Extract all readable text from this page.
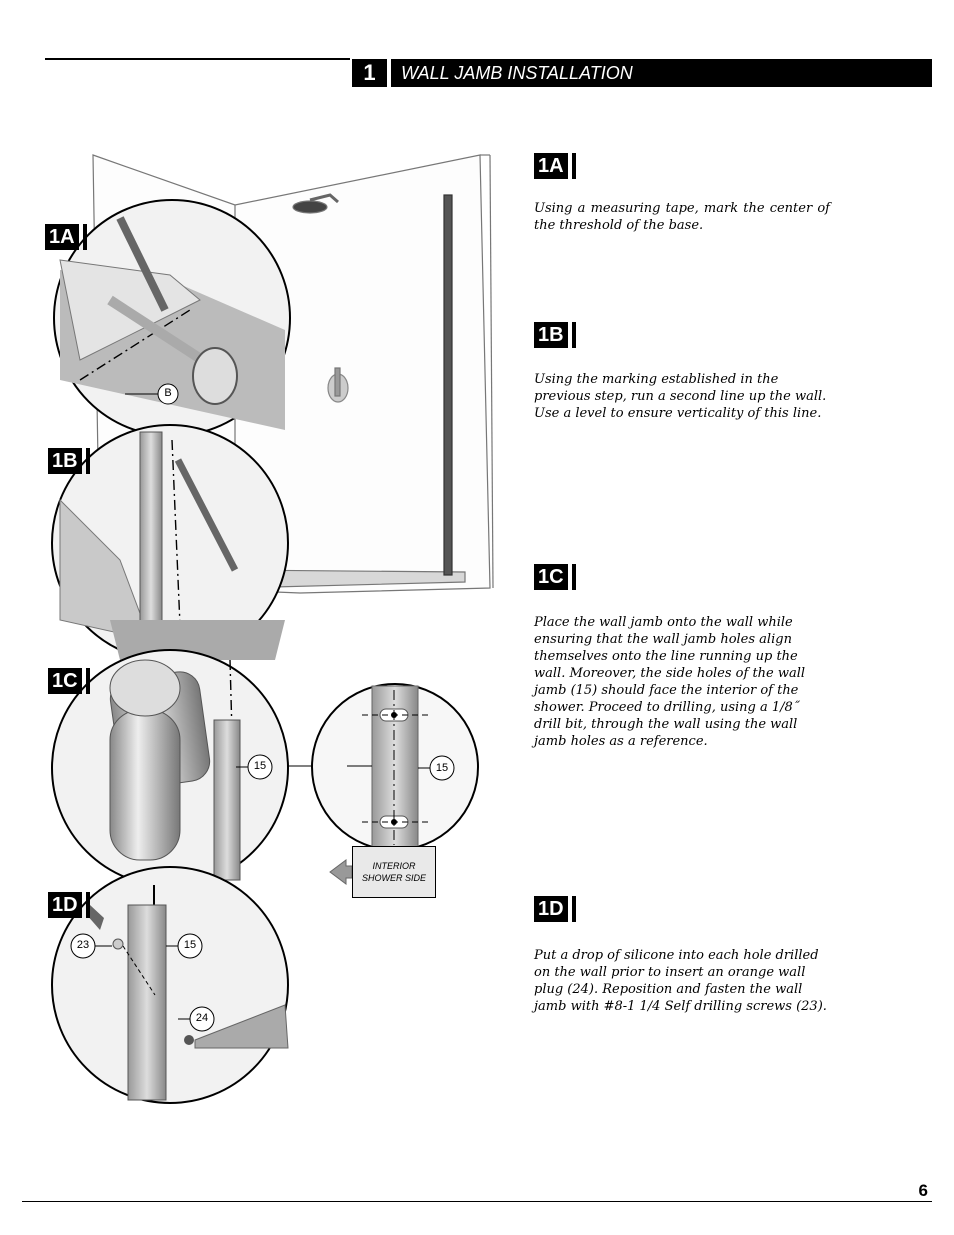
1	WALL JAMB INSTALLATION
1A
1B
1C
1D
B
15	15
23	15
24
INTERIOR SHOWER SIDE
1A
Using a measuring tape, mark the center of the threshold of the base.
1B
Using the marking established in the previous step, run a second line up the wall. Use a level to ensure verticality of this line.
1C
Place the wall jamb onto the wall while ensuring that the wall jamb holes align themselves onto the line running up the wall. Moreover, the side holes of the wall jamb (15) should face the interior of the shower. Proceed to drilling, using a 1/8˝ drill bit, through the wall using the wall jamb holes as a reference.
1D
Put a drop of silicone into each hole drilled on the wall prior to insert an orange wall plug (24). Reposition and fasten the wall jamb with #8-1 1/4 Self drilling screws (23).
6
